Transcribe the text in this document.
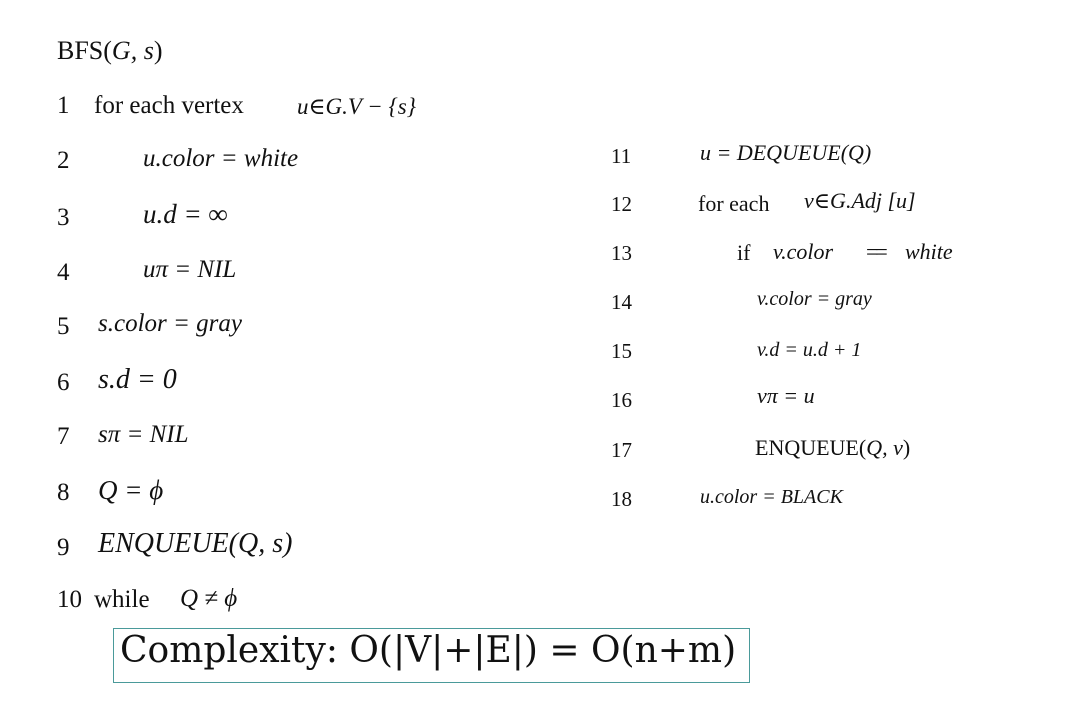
BFS(G, s)
1 for each vertex u∈G.V − {s}
2	u.color = white
3	u.d = ∞
4	uπ = NIL
5 s.color = gray
6 s.d = 0
7 sπ = NIL
8 Q = ϕ
9 ENQUEUE(Q, s)
10 while Q ≠ ϕ
11	u = DEQUEUE(Q)
12	for each v∈G.Adj [u]
13	if v.color == white
14	v.color = gray
15	v.d = u.d + 1
16	vπ = u
17	ENQUEUE(Q, v)
18	u.color = BLACK
Complexity: O(|V|+|E|) = O(n+m)
